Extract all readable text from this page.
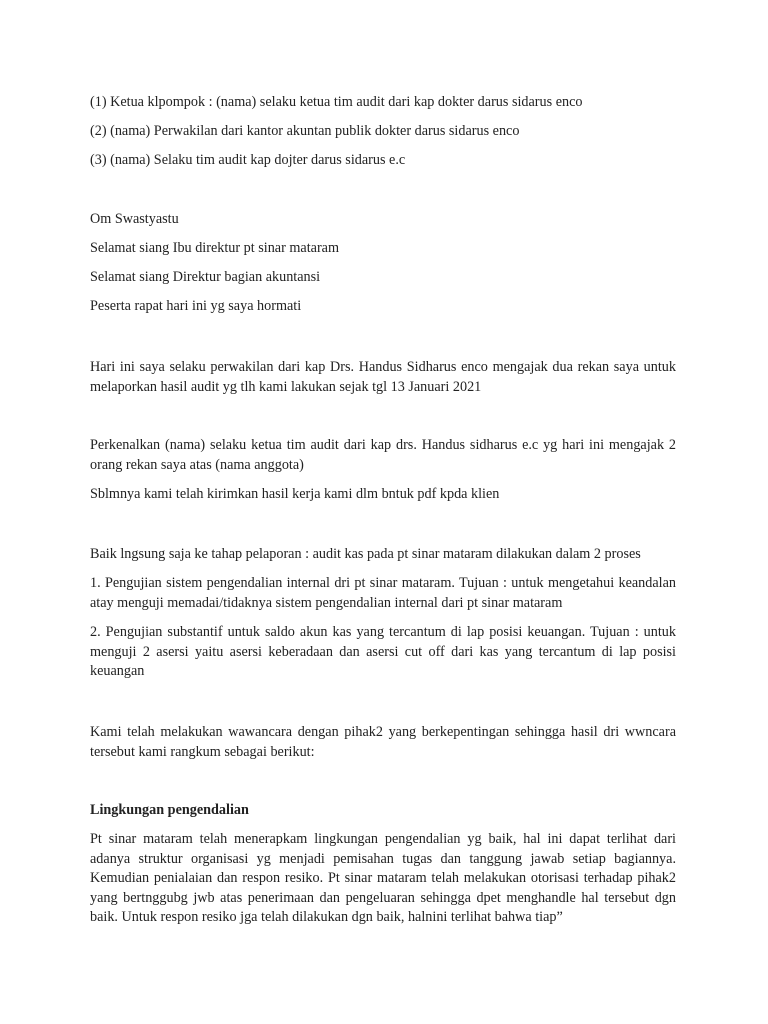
(1) Ketua klpompok : (nama) selaku ketua tim audit dari kap dokter darus sidarus enco

(2) (nama) Perwakilan dari kantor akuntan publik dokter darus sidarus enco

(3) (nama) Selaku tim audit kap dojter darus sidarus e.c

Om Swastyastu

Selamat siang Ibu direktur pt sinar mataram

Selamat siang Direktur bagian akuntansi

Peserta rapat hari ini yg saya hormati

Hari ini saya selaku perwakilan dari kap Drs. Handus Sidharus enco mengajak dua rekan saya untuk melaporkan hasil audit yg tlh kami lakukan sejak tgl 13 Januari 2021

Perkenalkan (nama) selaku ketua tim audit dari kap drs. Handus sidharus e.c yg hari ini mengajak 2 orang rekan saya atas (nama anggota)

Sblmnya kami telah kirimkan hasil kerja kami dlm bntuk pdf kpda klien

Baik lngsung saja ke tahap pelaporan : audit kas pada pt sinar mataram dilakukan dalam 2 proses

1. Pengujian sistem pengendalian internal dri pt sinar mataram. Tujuan : untuk mengetahui keandalan atay menguji memadai/tidaknya sistem pengendalian internal dari pt sinar mataram

2. Pengujian substantif untuk saldo akun kas yang tercantum di lap posisi keuangan. Tujuan : untuk menguji 2 asersi yaitu asersi keberadaan dan asersi cut off dari kas yang tercantum di lap posisi keuangan

Kami telah melakukan wawancara dengan pihak2 yang berkepentingan sehingga hasil dri wwncara tersebut kami rangkum sebagai berikut:

Lingkungan pengendalian

Pt sinar mataram telah menerapkam lingkungan pengendalian yg baik, hal ini dapat terlihat dari adanya struktur organisasi yg menjadi pemisahan tugas dan tanggung jawab setiap bagiannya. Kemudian penialaian dan respon resiko. Pt sinar mataram telah melakukan otorisasi terhadap pihak2 yang bertnggubg jwb atas penerimaan dan pengeluaran sehingga dpet menghandle hal tersebut dgn baik. Untuk respon resiko jga telah dilakukan dgn baik, halnini terlihat bahwa tiap”
